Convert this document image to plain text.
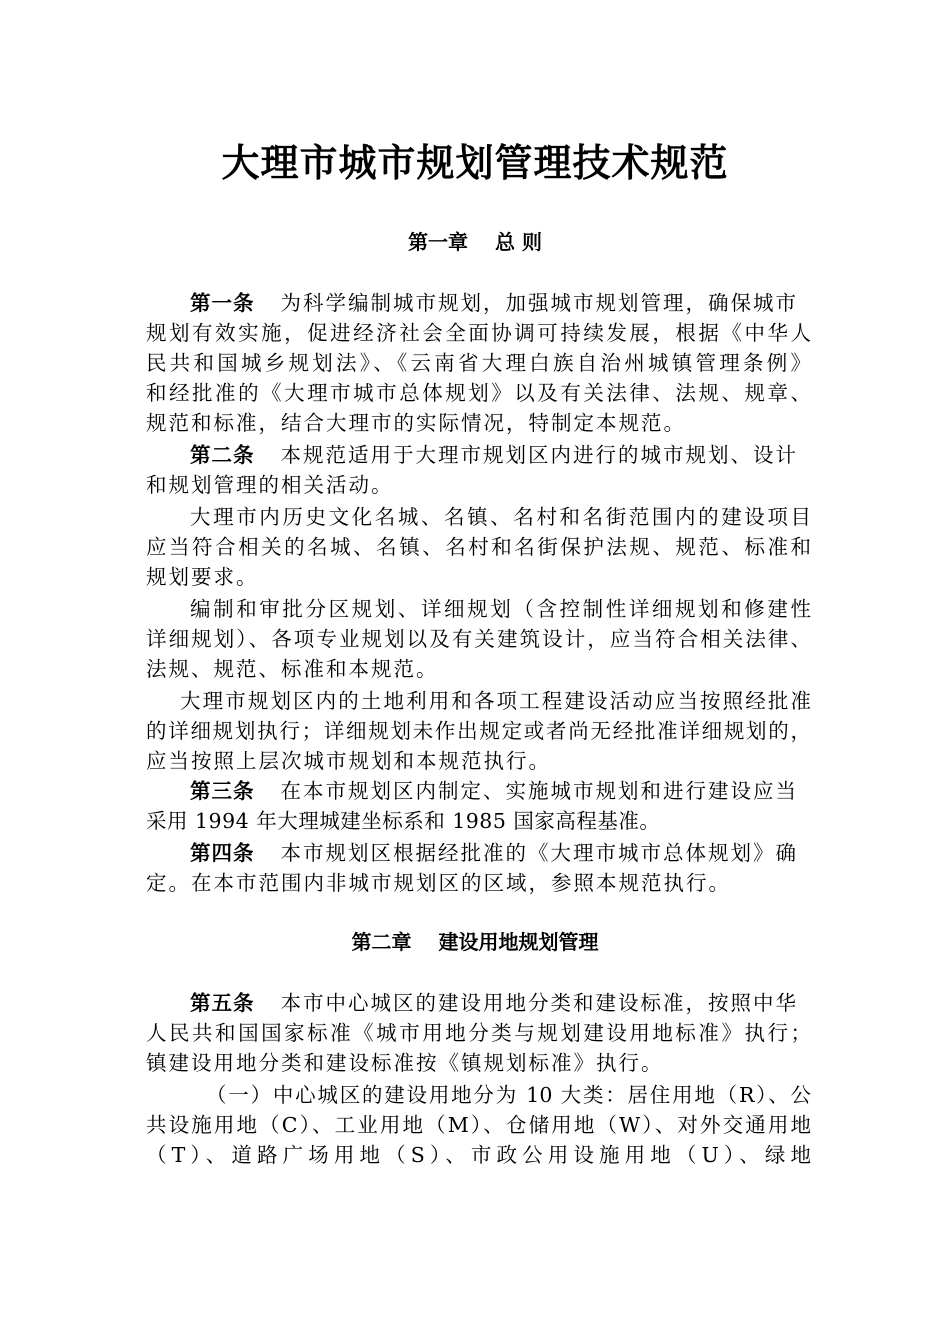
大理市城市规划管理技术规范
第一章　 总 则
第一条 为科学编制城市规划，加强城市规划管理，确保城市
规划有效实施，促进经济社会全面协调可持续发展，根据《中华人
民共和国城乡规划法》、《云南省大理白族自治州城镇管理条例》
和经批准的《大理市城市总体规划》以及有关法律、法规、规章、
规范和标准，结合大理市的实际情况，特制定本规范。
第二条 本规范适用于大理市规划区内进行的城市规划、设计
和规划管理的相关活动。
大理市内历史文化名城、名镇、名村和名街范围内的建设项目
应当符合相关的名城、名镇、名村和名街保护法规、规范、标准和
规划要求。
编制和审批分区规划、详细规划（含控制性详细规划和修建性
详细规划）、各项专业规划以及有关建筑设计，应当符合相关法律、
法规、规范、标准和本规范。
大理市规划区内的土地利用和各项工程建设活动应当按照经批准
的详细规划执行；详细规划未作出规定或者尚无经批准详细规划的，
应当按照上层次城市规划和本规范执行。
第三条 在本市规划区内制定、实施城市规划和进行建设应当
采用 1994 年大理城建坐标系和 1985 国家高程基准。
第四条 本市规划区根据经批准的《大理市城市总体规划》确
定。在本市范围内非城市规划区的区域，参照本规范执行。
第二章　 建设用地规划管理
第五条 本市中心城区的建设用地分类和建设标准，按照中华
人民共和国国家标准《城市用地分类与规划建设用地标准》执行；
镇建设用地分类和建设标准按《镇规划标准》执行。
（一）中心城区的建设用地分为 10 大类：居住用地（R）、公
共设施用地（C）、工业用地（M）、仓储用地（W）、对外交通用地
（T）、道路广场用地（S）、市政公用设施用地（U）、绿地
